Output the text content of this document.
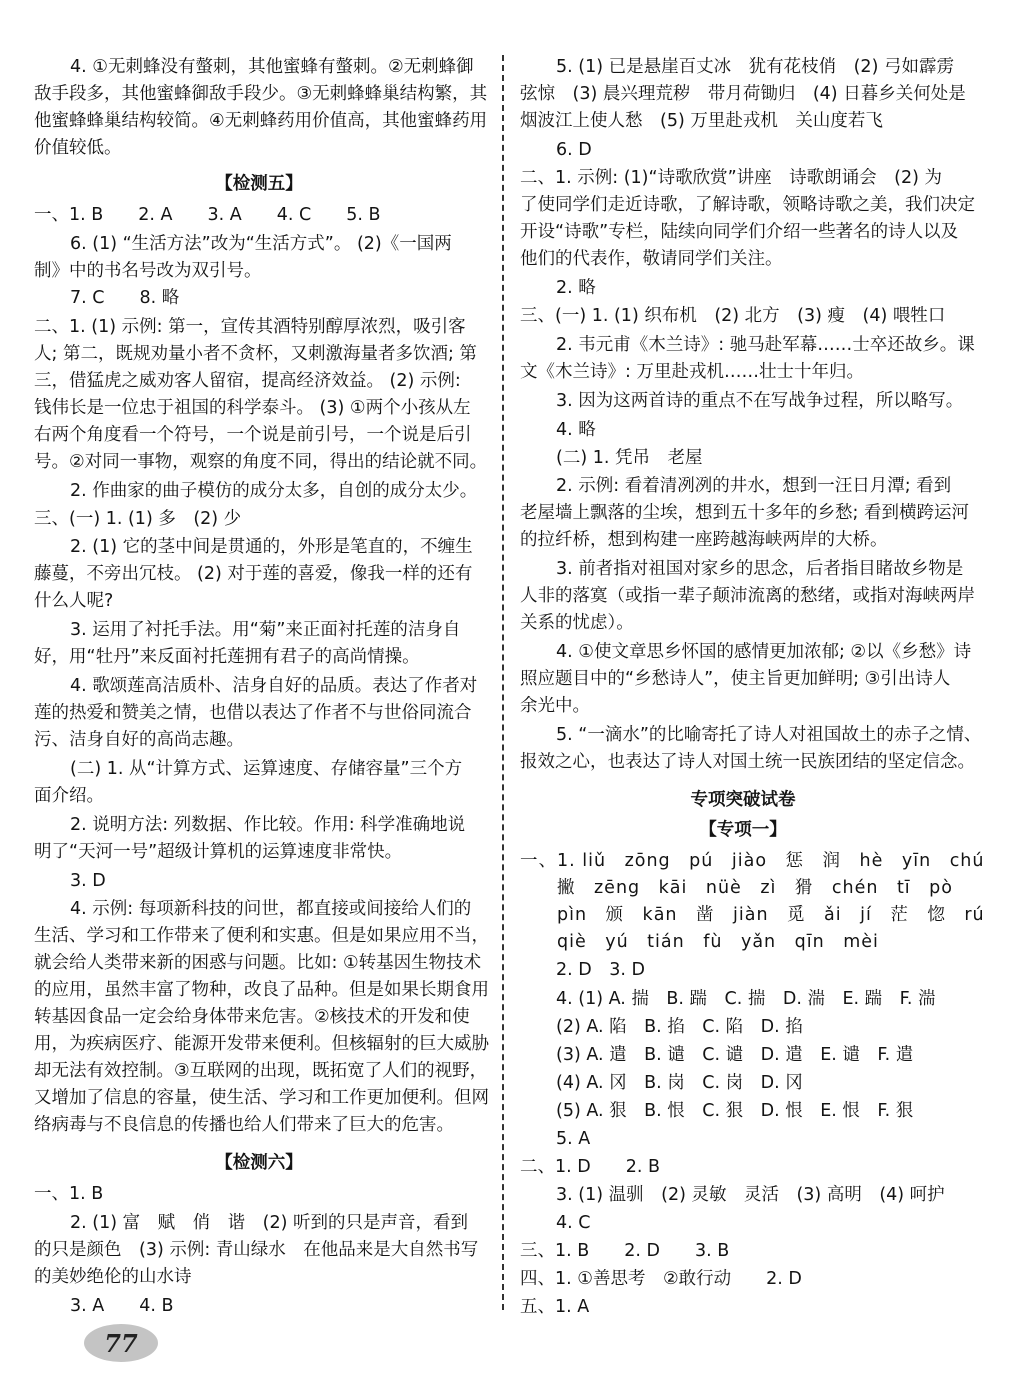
4. ①无刺蜂没有螫刺，其他蜜蜂有螫刺。②无刺蜂御
敌手段多，其他蜜蜂御敌手段少。③无刺蜂蜂巢结构繁，其
他蜜蜂蜂巢结构较简。④无刺蜂药用价值高，其他蜜蜂药用
价值较低。
【检测五】
一、1. B　　2. A　　3. A　　4. C　　5. B
6. (1) “生活方法”改为“生活方式”。 (2)《一国两
制》中的书名号改为双引号。
7. C　　8. 略
二、1. (1) 示例: 第一，宣传其酒特别醇厚浓烈，吸引客
人; 第二，既规劝量小者不贪杯，又刺激海量者多饮酒; 第
三，借猛虎之威劝客人留宿，提高经济效益。 (2) 示例:
钱伟长是一位忠于祖国的科学泰斗。 (3) ①两个小孩从左
右两个角度看一个符号，一个说是前引号，一个说是后引
号。②对同一事物，观察的角度不同，得出的结论就不同。
2. 作曲家的曲子模仿的成分太多，自创的成分太少。
三、(一) 1. (1) 多　(2) 少
2. (1) 它的茎中间是贯通的，外形是笔直的，不缠生
藤蔓，不旁出冗枝。 (2) 对于莲的喜爱，像我一样的还有
什么人呢?
3. 运用了衬托手法。用“菊”来正面衬托莲的洁身自
好，用“牡丹”来反面衬托莲拥有君子的高尚情操。
4. 歌颂莲高洁质朴、洁身自好的品质。表达了作者对
莲的热爱和赞美之情，也借以表达了作者不与世俗同流合
污、洁身自好的高尚志趣。
(二) 1. 从“计算方式、运算速度、存储容量”三个方
面介绍。
2. 说明方法: 列数据、作比较。作用: 科学准确地说
明了“天河一号”超级计算机的运算速度非常快。
3. D
4. 示例: 每项新科技的问世，都直接或间接给人们的
生活、学习和工作带来了便利和实惠。但是如果应用不当，
就会给人类带来新的困惑与问题。比如: ①转基因生物技术
的应用，虽然丰富了物种，改良了品种。但是如果长期食用
转基因食品一定会给身体带来危害。②核技术的开发和使
用，为疾病医疗、能源开发带来便利。但核辐射的巨大威胁
却无法有效控制。③互联网的出现，既拓宽了人们的视野，
又增加了信息的容量，使生活、学习和工作更加便利。但网
络病毒与不良信息的传播也给人们带来了巨大的危害。
【检测六】
一、1. B
2. (1) 富　赋　俏　谐　(2) 听到的只是声音，看到
的只是颜色　(3) 示例: 青山绿水　在他品来是大自然书写
的美妙绝伦的山水诗
3. A　　4. B
5. (1) 已是悬崖百丈冰　犹有花枝俏　(2) 弓如霹雳
弦惊　(3) 晨兴理荒秽　带月荷锄归　(4) 日暮乡关何处是
烟波江上使人愁　(5) 万里赴戎机　关山度若飞
6. D
二、1. 示例: (1)“诗歌欣赏”讲座　诗歌朗诵会　(2) 为
了使同学们走近诗歌，了解诗歌，领略诗歌之美，我们决定
开设“诗歌”专栏，陆续向同学们介绍一些著名的诗人以及
他们的代表作，敬请同学们关注。
2. 略
三、(一) 1. (1) 织布机　(2) 北方　(3) 瘦　(4) 喂牲口
2. 韦元甫《木兰诗》: 驰马赴军幕……士卒还故乡。课
文《木兰诗》: 万里赴戎机……壮士十年归。
3. 因为这两首诗的重点不在写战争过程，所以略写。
4. 略
(二) 1. 凭吊　老屋
2. 示例: 看着清冽冽的井水，想到一汪日月潭; 看到
老屋墙上飘落的尘埃，想到五十多年的乡愁; 看到横跨运河
的拉纤桥，想到构建一座跨越海峡两岸的大桥。
3. 前者指对祖国对家乡的思念，后者指目睹故乡物是
人非的落寞（或指一辈子颠沛流离的愁绪，或指对海峡两岸
关系的忧虑）。
4. ①使文章思乡怀国的感情更加浓郁; ②以《乡愁》诗
照应题目中的“乡愁诗人”，使主旨更加鲜明; ③引出诗人
余光中。
5. “一滴水”的比喻寄托了诗人对祖国故土的赤子之情、
报效之心，也表达了诗人对国土统一民族团结的坚定信念。
专项突破试卷
【专项一】
一、1. liǔ　zōng　pú　jiào　惩　润　hè　yīn　chú
　　撇　zēng　kāi　nüè　zì　猾　chén　tī　pò
　　pìn　颁　kān　凿　jiàn　觅　ǎi　jí　茫　惚　rú
　　qiè　yú　tián　fù　yǎn　qīn　mèi
2. D　3. D
4. (1) A. 揣　B. 踹　C. 揣　D. 湍　E. 踹　F. 湍
(2) A. 陷　B. 掐　C. 陷　D. 掐
(3) A. 遣　B. 谴　C. 谴　D. 遣　E. 谴　F. 遣
(4) A. 冈　B. 岗　C. 岗　D. 冈
(5) A. 狠　B. 恨　C. 狠　D. 恨　E. 恨　F. 狠
5. A
二、1. D　　2. B
3. (1) 温驯　(2) 灵敏　灵活　(3) 高明　(4) 呵护
4. C
三、1. B　　2. D　　3. B
四、1. ①善思考　②敢行动　　2. D
五、1. A
77
